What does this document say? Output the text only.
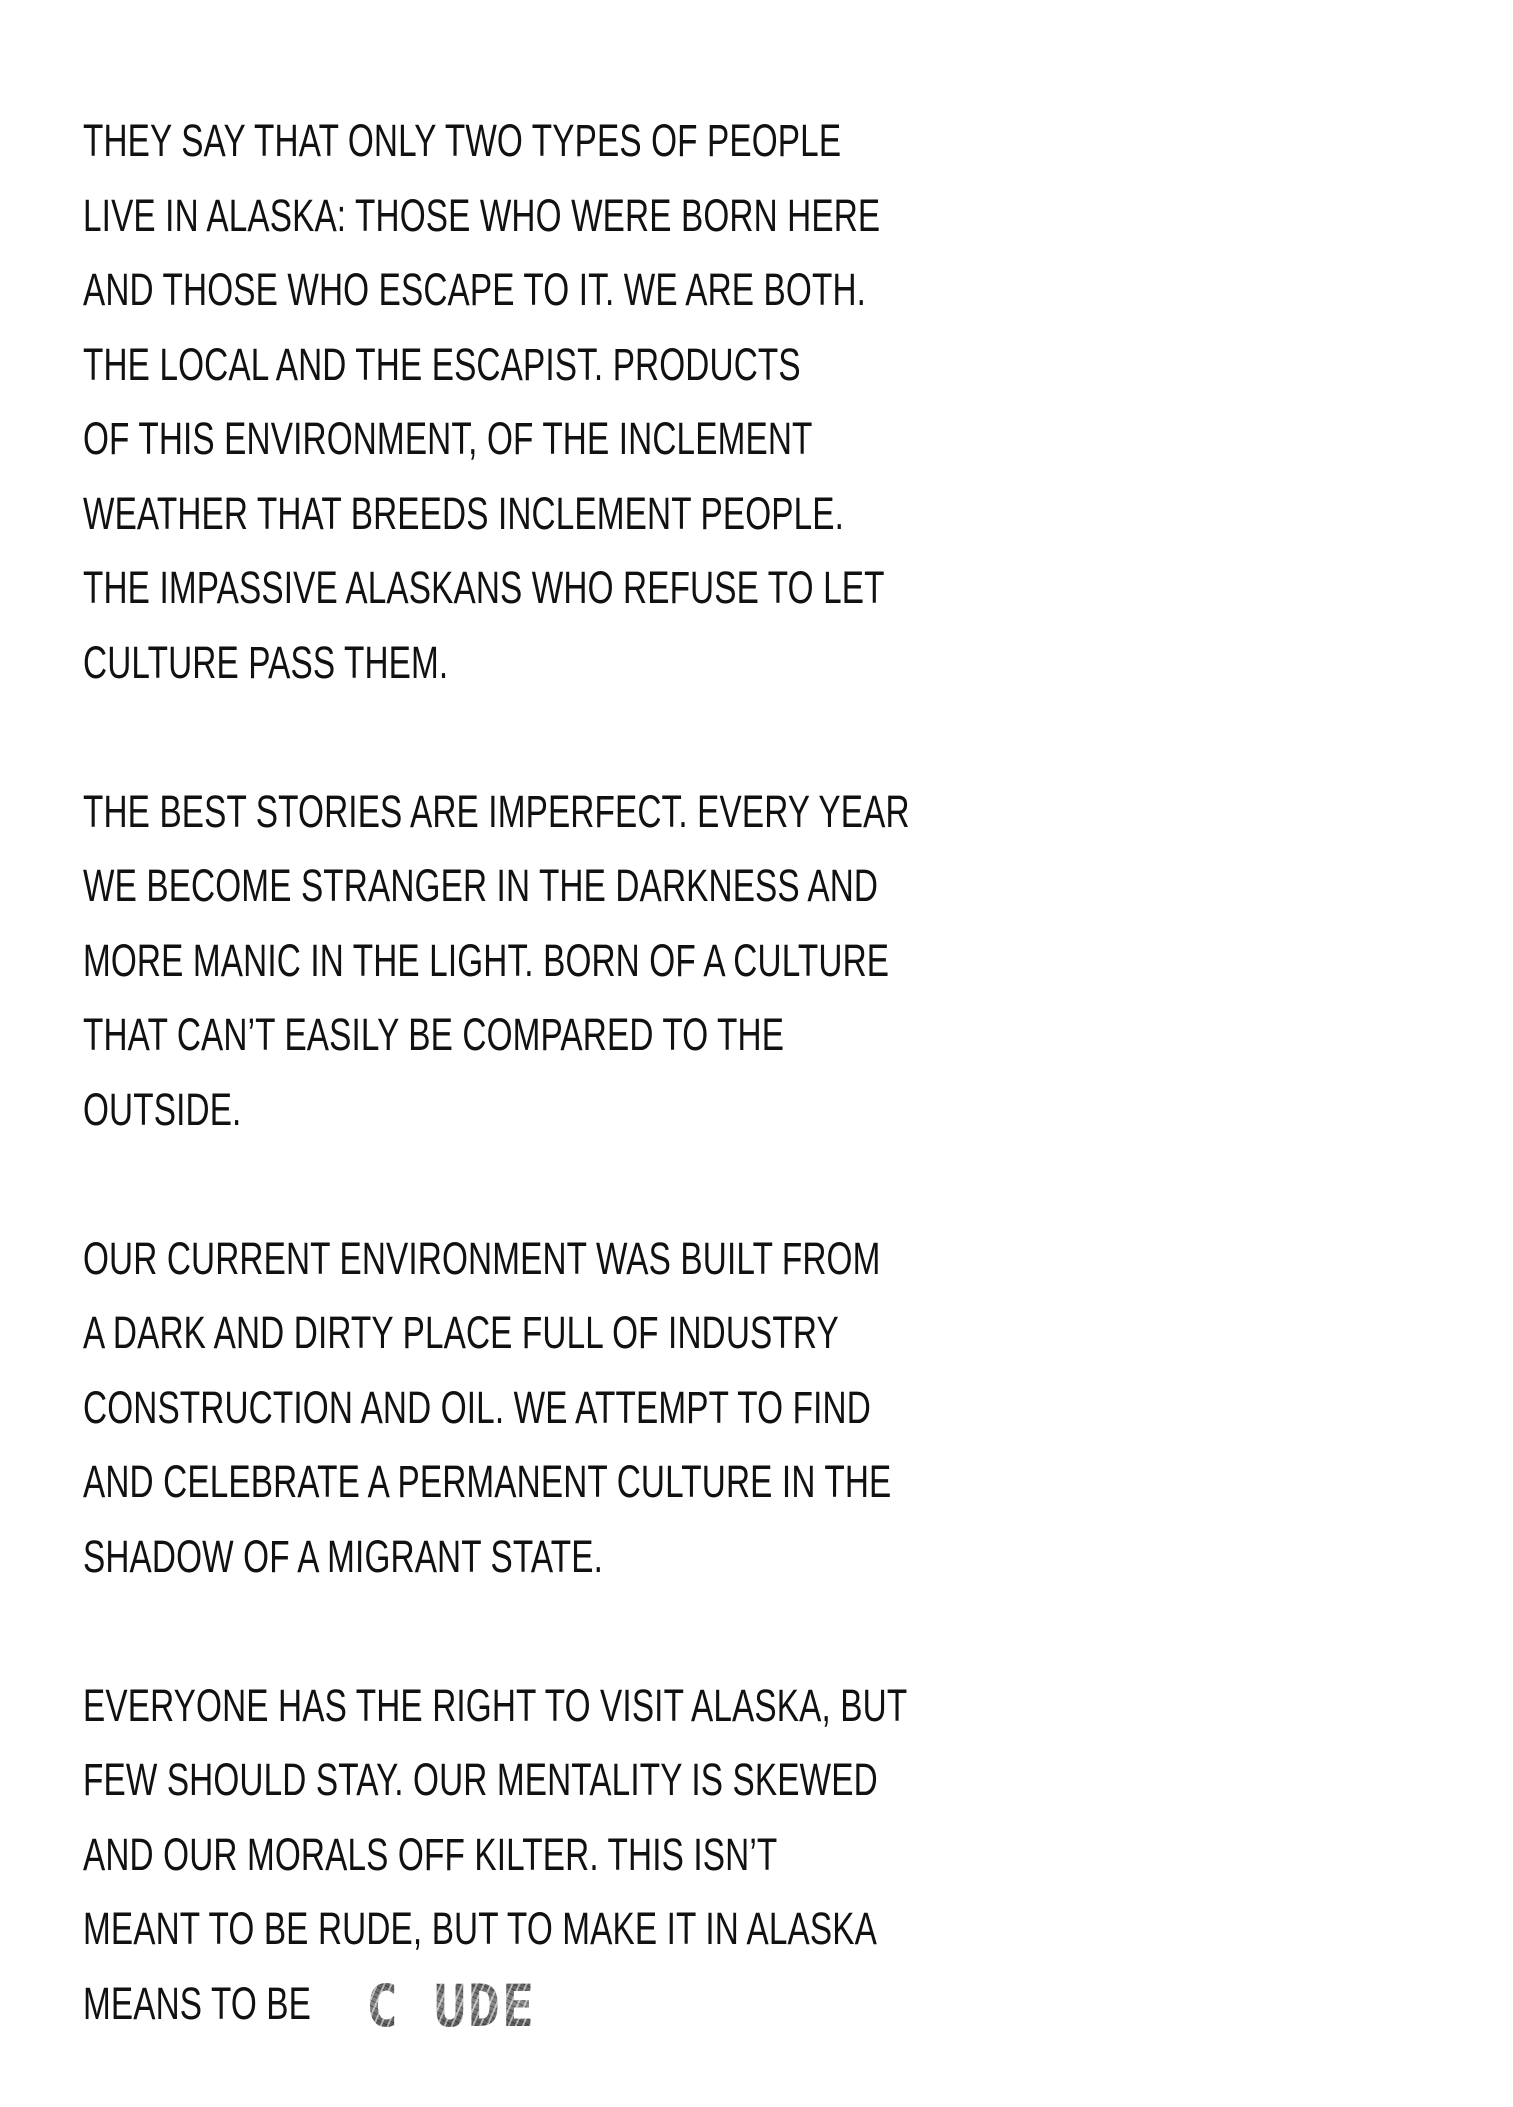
THEY SAY THAT ONLY TWO TYPES OF PEOPLE
LIVE IN ALASKA: THOSE WHO WERE BORN HERE
AND THOSE WHO ESCAPE TO IT. WE ARE BOTH.
THE LOCAL AND THE ESCAPIST. PRODUCTS
OF THIS ENVIRONMENT, OF THE INCLEMENT
WEATHER THAT BREEDS INCLEMENT PEOPLE.
THE IMPASSIVE ALASKANS WHO REFUSE TO LET
CULTURE PASS THEM.

THE BEST STORIES ARE IMPERFECT. EVERY YEAR
WE BECOME STRANGER IN THE DARKNESS AND
MORE MANIC IN THE LIGHT. BORN OF A CULTURE
THAT CAN’T EASILY BE COMPARED TO THE
OUTSIDE.

OUR CURRENT ENVIRONMENT WAS BUILT FROM
A DARK AND DIRTY PLACE FULL OF INDUSTRY
CONSTRUCTION AND OIL. WE ATTEMPT TO FIND
AND CELEBRATE A PERMANENT CULTURE IN THE
SHADOW OF A MIGRANT STATE.

EVERYONE HAS THE RIGHT TO VISIT ALASKA, BUT
FEW SHOULD STAY. OUR MENTALITY IS SKEWED
AND OUR MORALS OFF KILTER. THIS ISN’T
MEANT TO BE RUDE, BUT TO MAKE IT IN ALASKA
MEANS TO BE CRUDE
